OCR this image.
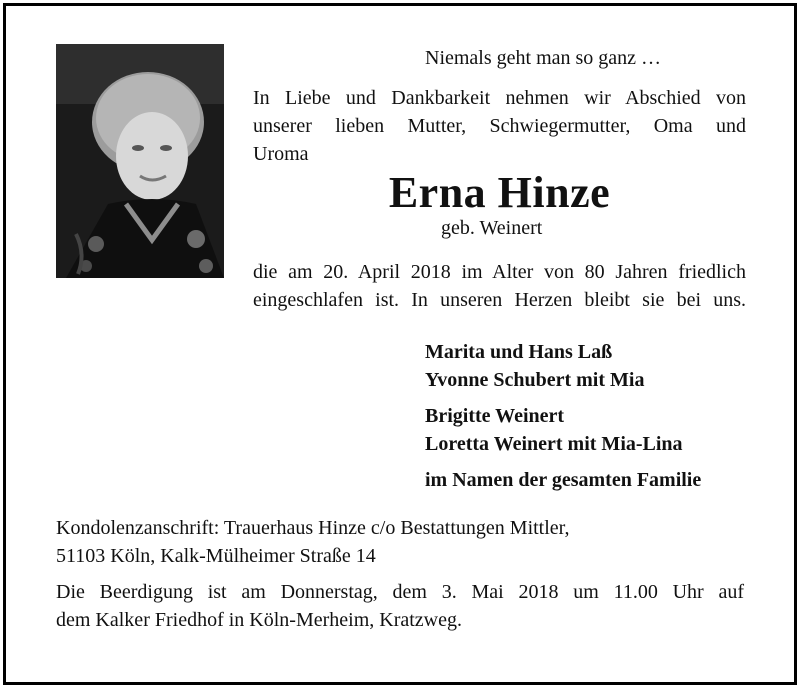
Niemals geht man so ganz …
In Liebe und Dankbarkeit nehmen wir Abschied von
unserer lieben Mutter, Schwiegermutter, Oma und
Uroma
Erna Hinze
geb. Weinert
die am 20. April 2018 im Alter von 80 Jahren friedlich
eingeschlafen ist. In unseren Herzen bleibt sie bei uns.
Marita und Hans Laß
Yvonne Schubert mit Mia
Brigitte Weinert
Loretta Weinert mit Mia-Lina
im Namen der gesamten Familie
Kondolenzanschrift: Trauerhaus Hinze c/o Bestattungen Mittler,
51103 Köln, Kalk-Mülheimer Straße 14
Die Beerdigung ist am Donnerstag, dem 3. Mai 2018 um 11.00 Uhr auf
dem Kalker Friedhof in Köln-Merheim, Kratzweg.
